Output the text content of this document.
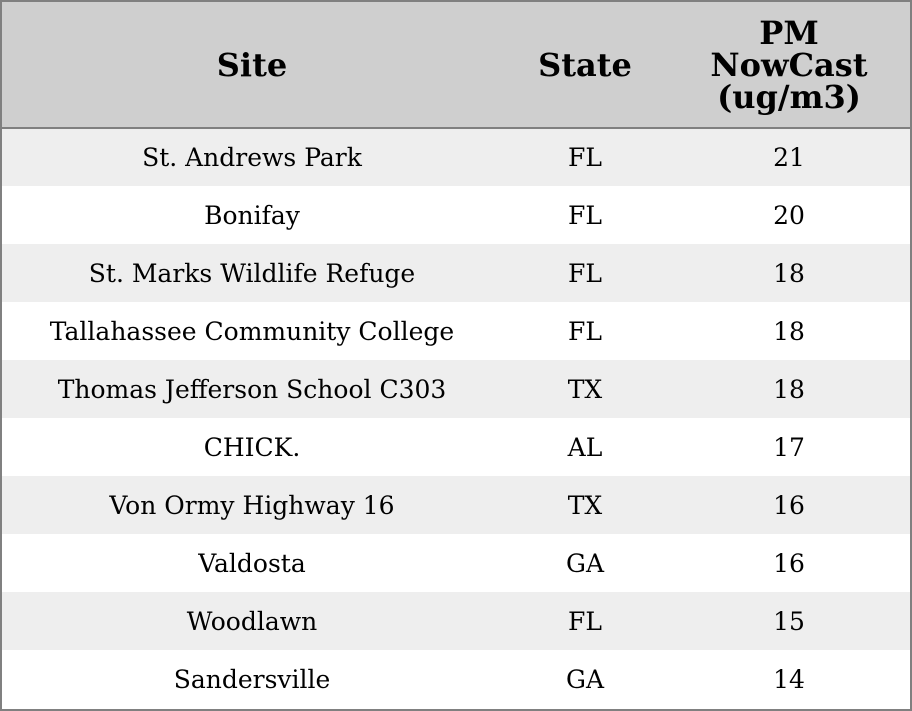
Site	State	PM
NowCast
(ug/m3)

St. Andrews Park	FL	21
Bonifay	FL	20
St. Marks Wildlife Refuge	FL	18
Tallahassee Community College	FL	18
Thomas Jefferson School C303	TX	18
CHICK.	AL	17
Von Ormy Highway 16	TX	16
Valdosta	GA	16
Woodlawn	FL	15
Sandersville	GA	14
